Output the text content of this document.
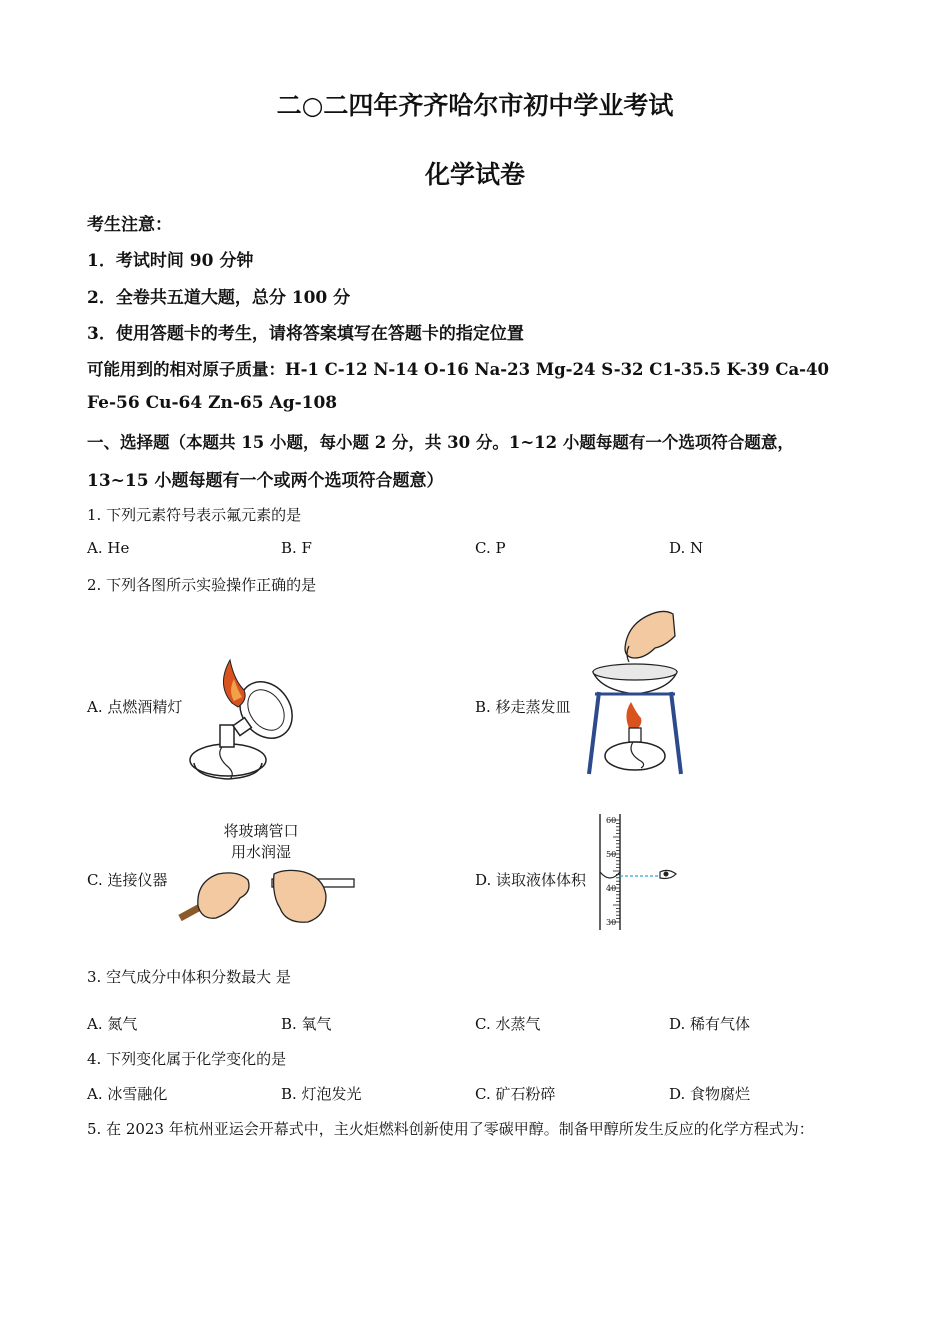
二○二四年齐齐哈尔市初中学业考试
化学试卷
考生注意：
1．考试时间 90 分钟
2．全卷共五道大题，总分 100 分
3．使用答题卡的考生，请将答案填写在答题卡的指定位置
可能用到的相对原子质量：H-1 C-12 N-14 O-16 Na-23 Mg-24 S-32 C1-35.5 K-39 Ca-40
Fe-56 Cu-64 Zn-65 Ag-108
一、选择题（本题共 15 小题，每小题 2 分，共 30 分。1~12 小题每题有一个选项符合题意，
13~15 小题每题有一个或两个选项符合题意）
1. 下列元素符号表示氟元素的是
A. He	B. F	C. P	D. N
2. 下列各图所示实验操作正确的是
A. 点燃酒精灯	B. 移走蒸发皿
C. 连接仪器	D. 读取液体体积
将玻璃管口
用水润湿
60
50
40
30
3. 空气成分中体积分数最大 是
A. 氮气	B. 氧气	C. 水蒸气	D. 稀有气体
4. 下列变化属于化学变化的是
A. 冰雪融化	B. 灯泡发光	C. 矿石粉碎	D. 食物腐烂
5. 在 2023 年杭州亚运会开幕式中，主火炬燃料创新使用了零碳甲醇。制备甲醇所发生反应的化学方程式为：
